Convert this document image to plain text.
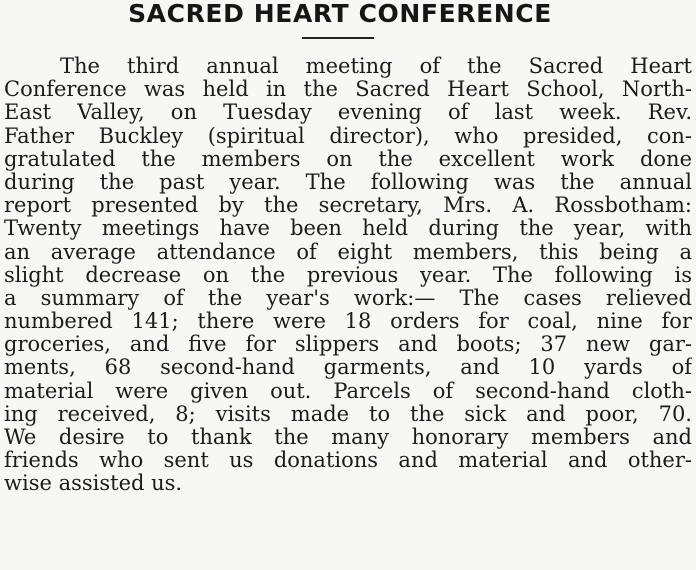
SACRED HEART CONFERENCE
The third annual meeting of the Sacred Heart
Conference was held in the Sacred Heart School, North-
East Valley, on Tuesday evening of last week. Rev.
Father Buckley (spiritual director), who presided, con-
gratulated the members on the excellent work done
during the past year. The following was the annual
report presented by the secretary, Mrs. A. Rossbotham:
Twenty meetings have been held during the year, with
an average attendance of eight members, this being a
slight decrease on the previous year. The following is
a summary of the year's work:— The cases relieved
numbered 141; there were 18 orders for coal, nine for
groceries, and five for slippers and boots; 37 new gar-
ments, 68 second-hand garments, and 10 yards of
material were given out. Parcels of second-hand cloth-
ing received, 8; visits made to the sick and poor, 70.
We desire to thank the many honorary members and
friends who sent us donations and material and other-
wise assisted us.
